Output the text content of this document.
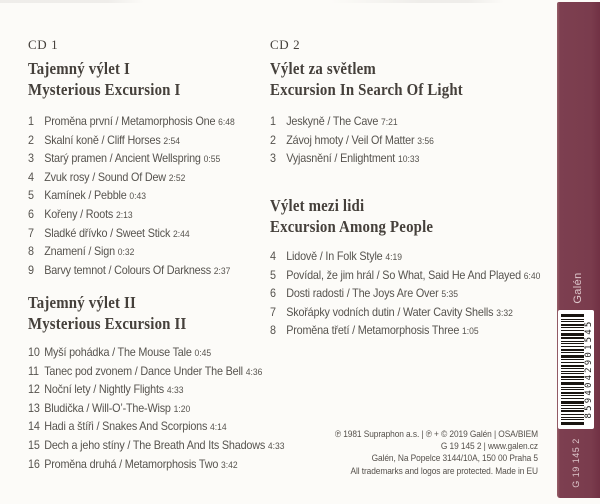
CD 1
Tajemný výlet I
Mysterious Excursion I
1 Proměna první / Metamorphosis One 6:48
2 Skalní koně / Cliff Horses 2:54
3 Starý pramen / Ancient Wellspring 0:55
4 Zvuk rosy / Sound Of Dew 2:52
5 Kamínek / Pebble 0:43
6 Kořeny / Roots 2:13
7 Sladké dřívko / Sweet Stick 2:44
8 Znamení / Sign 0:32
9 Barvy temnot / Colours Of Darkness 2:37
Tajemný výlet II
Mysterious Excursion II
10 Myší pohádka / The Mouse Tale 0:45
11 Tanec pod zvonem / Dance Under The Bell 4:36
12 Noční lety / Nightly Flights 4:33
13 Bludička / Will-O’-The-Wisp 1:20
14 Hadi a štíři / Snakes And Scorpions 4:14
15 Dech a jeho stíny / The Breath And Its Shadows 4:33
16 Proměna druhá / Metamorphosis Two 3:42
CD 2
Výlet za světlem
Excursion In Search Of Light
1 Jeskyně / The Cave 7:21
2 Závoj hmoty / Veil Of Matter 3:56
3 Vyjasnění / Enlightment 10:33
Výlet mezi lidi
Excursion Among People
4 Lidově / In Folk Style 4:19
5 Povídal, že jim hrál / So What, Said He And Played 6:40
6 Dosti radosti / The Joys Are Over 5:35
7 Skořápky vodních dutin / Water Cavity Shells 3:32
8 Proměna třetí / Metamorphosis Three 1:05
℗ 1981 Supraphon a.s. | ℗ + © 2019 Galén | OSA/BIEM
G 19 145 2 | www.galen.cz
Galén, Na Popelce 3144/10A, 150 00 Praha 5
All trademarks and logos are protected. Made in EU
Galén
8594042901545
G 19 145 2
